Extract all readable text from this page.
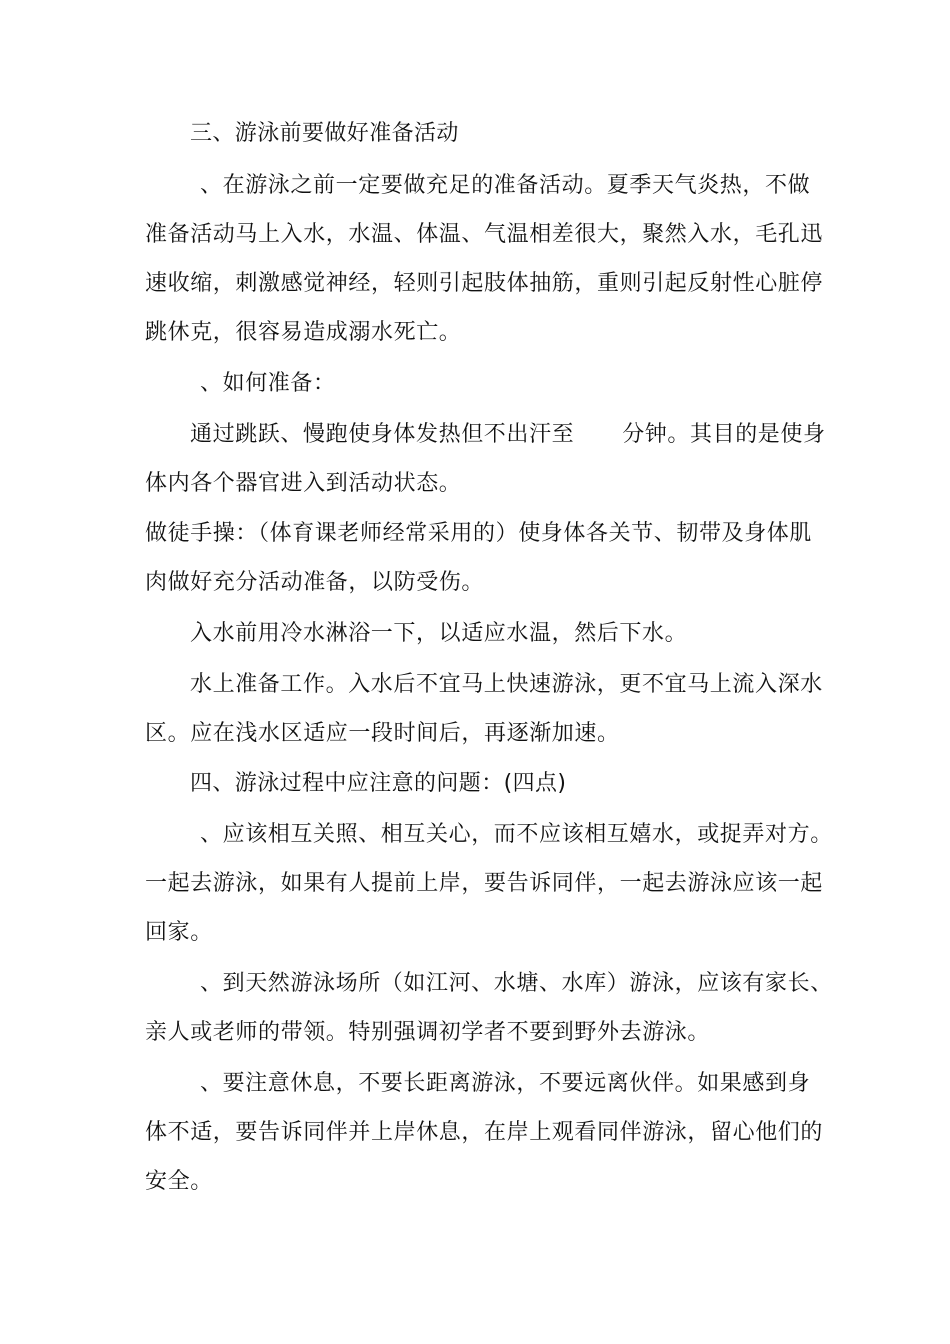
三、游泳前要做好准备活动
、在游泳之前一定要做充足的准备活动。夏季天气炎热，不做
准备活动马上入水，水温、体温、气温相差很大，聚然入水，毛孔迅
速收缩，刺激感觉神经，轻则引起肢体抽筋，重则引起反射性心脏停
跳休克，很容易造成溺水死亡。
、如何准备：
通过跳跃、慢跑使身体发热但不出汗至 分钟。其目的是使身
体内各个器官进入到活动状态。
做徒手操：（体育课老师经常采用的）使身体各关节、韧带及身体肌
肉做好充分活动准备，以防受伤。
入水前用冷水淋浴一下，以适应水温，然后下水。
水上准备工作。入水后不宜马上快速游泳，更不宜马上流入深水
区。应在浅水区适应一段时间后，再逐渐加速。
四、游泳过程中应注意的问题：(四点)
、应该相互关照、相互关心，而不应该相互嬉水，或捉弄对方。
一起去游泳，如果有人提前上岸，要告诉同伴，一起去游泳应该一起
回家。
、到天然游泳场所（如江河、水塘、水库）游泳，应该有家长、
亲人或老师的带领。特别强调初学者不要到野外去游泳。
、要注意休息，不要长距离游泳，不要远离伙伴。如果感到身
体不适，要告诉同伴并上岸休息，在岸上观看同伴游泳，留心他们的
安全。
